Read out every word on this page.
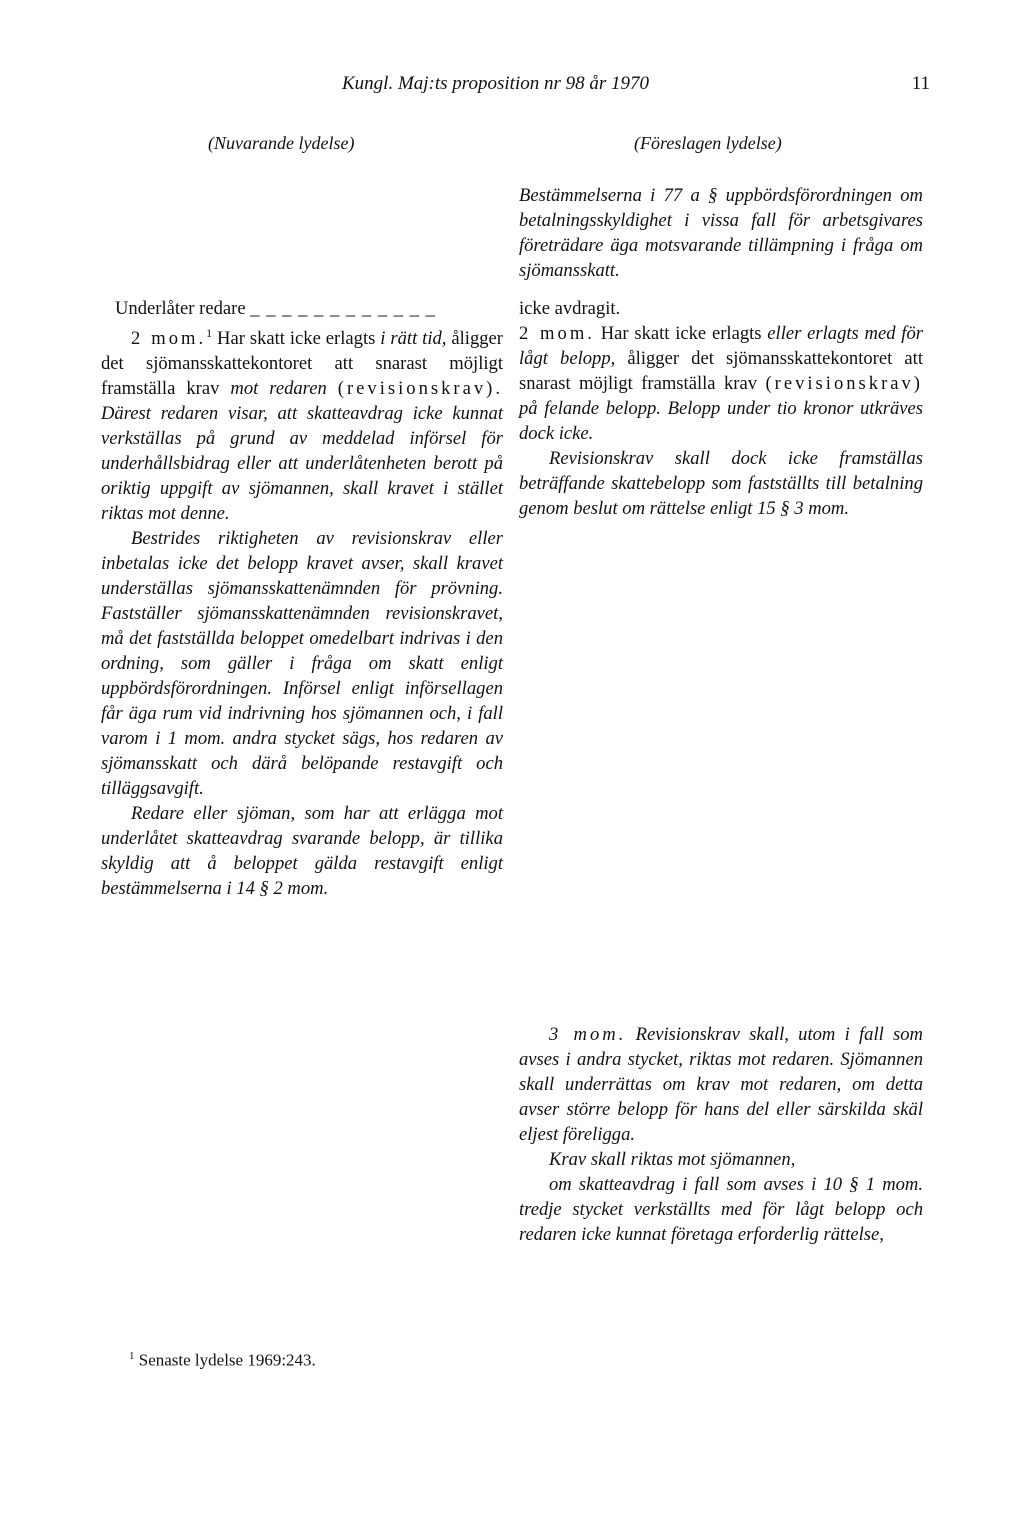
Kungl. Maj:ts proposition nr 98 år 1970	11
(Nuvarande lydelse)	(Föreslagen lydelse)

Bestämmelserna i 77 a § uppbördsförordningen om betalningsskyldighet i vissa fall för arbetsgivares företrädare äga motsvarande tillämpning i fråga om sjömansskatt.

Underlåter redare _ _ _ _ _ _ _ _ _ _ _ _

2 mom.$^1$ Har skatt icke erlagts i rätt tid, åligger det sjömansskattekontoret att snarast möjligt framställa krav mot redaren (revisionskrav). Därest redaren visar, att skatteavdrag icke kunnat verkställas på grund av meddelad införsel för underhållsbidrag eller att underlåtenheten berott på oriktig uppgift av sjömannen, skall kravet i stället riktas mot denne.

Bestrides riktigheten av revisionskrav eller inbetalas icke det belopp kravet avser, skall kravet underställas sjömansskattenämnden för prövning. Fastställer sjömansskattenämnden revisionskravet, må det fastställda beloppet omedelbart indrivas i den ordning, som gäller i fråga om skatt enligt uppbördsförordningen. Införsel enligt införsellagen får äga rum vid indrivning hos sjömannen och, i fall varom i 1 mom. andra stycket sägs, hos redaren av sjömansskatt och därå belöpande restavgift och tilläggsavgift.

Redare eller sjöman, som har att erlägga mot underlåtet skatteavdrag svarande belopp, är tillika skyldig att å beloppet gälda restavgift enligt bestämmelserna i 14 § 2 mom.

icke avdragit.

2 mom. Har skatt icke erlagts eller erlagts med för lågt belopp, åligger det sjömansskattekontoret att snarast möjligt framställa krav (revisionskrav) på felande belopp. Belopp under tio kronor utkräves dock icke.

Revisionskrav skall dock icke framställas beträffande skattebelopp som fastställts till betalning genom beslut om rättelse enligt 15 § 3 mom.

3 mom. Revisionskrav skall, utom i fall som avses i andra stycket, riktas mot redaren. Sjömannen skall underrättas om krav mot redaren, om detta avser större belopp för hans del eller särskilda skäl eljest föreligga.

Krav skall riktas mot sjömannen,

om skatteavdrag i fall som avses i 10 § 1 mom. tredje stycket verkställts med för lågt belopp och redaren icke kunnat företaga erforderlig rättelse,

$^1$ Senaste lydelse 1969:243.
